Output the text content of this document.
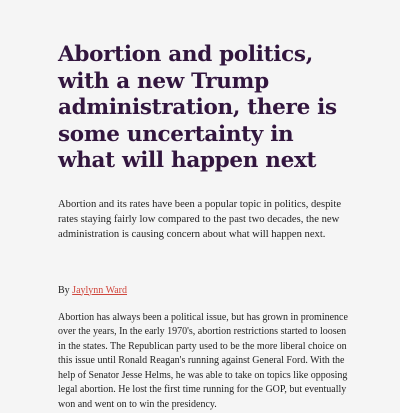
Abortion and politics, with a new Trump administration, there is some uncertainty in what will happen next

Abortion and its rates have been a popular topic in politics, despite rates staying fairly low compared to the past two decades, the new administration is causing concern about what will happen next.

By Jaylynn Ward

Abortion has always been a political issue, but has grown in prominence over the years, In the early 1970's, abortion restrictions started to loosen in the states. The Republican party used to be the more liberal choice on this issue until Ronald Reagan's running against General Ford. With the help of Senator Jesse Helms, he was able to take on topics like opposing legal abortion. He lost the first time running for the GOP, but eventually won and went on to win the presidency.
